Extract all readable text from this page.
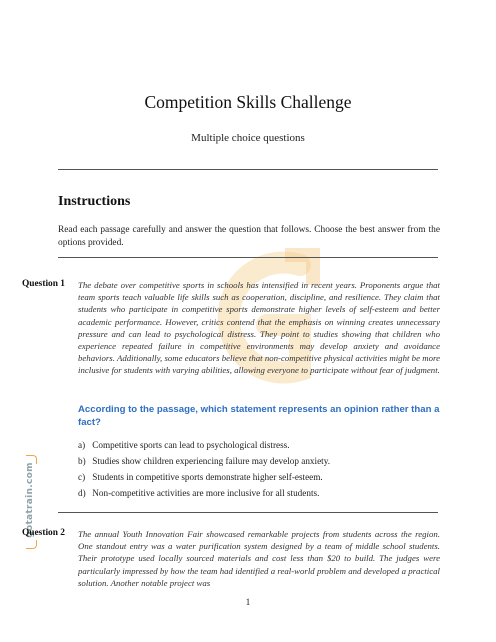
gotatrain.com
Competition Skills Challenge
Multiple choice questions
Instructions
Read each passage carefully and answer the question that follows. Choose the best answer from the options provided.
Question 1 The debate over competitive sports in schools has intensified in recent years. Proponents argue that team sports teach valuable life skills such as cooperation, discipline, and resilience. They claim that students who participate in competitive sports demonstrate higher levels of self-esteem and better academic performance. However, critics contend that the emphasis on winning creates unnecessary pressure and can lead to psychological distress. They point to studies showing that children who experience repeated failure in competitive environments may develop anxiety and avoidance behaviors. Additionally, some educators believe that non-competitive physical activities might be more inclusive for students with varying abilities, allowing everyone to participate without fear of judgment.
According to the passage, which statement represents an opinion rather than a fact?
a) Competitive sports can lead to psychological distress.
b) Studies show children experiencing failure may develop anxiety.
c) Students in competitive sports demonstrate higher self-esteem.
d) Non-competitive activities are more inclusive for all students.
Question 2 The annual Youth Innovation Fair showcased remarkable projects from students across the region. One standout entry was a water purification system designed by a team of middle school students. Their prototype used locally sourced materials and cost less than $20 to build. The judges were particularly impressed by how the team had identified a real-world problem and developed a practical solution. Another notable project was
1
